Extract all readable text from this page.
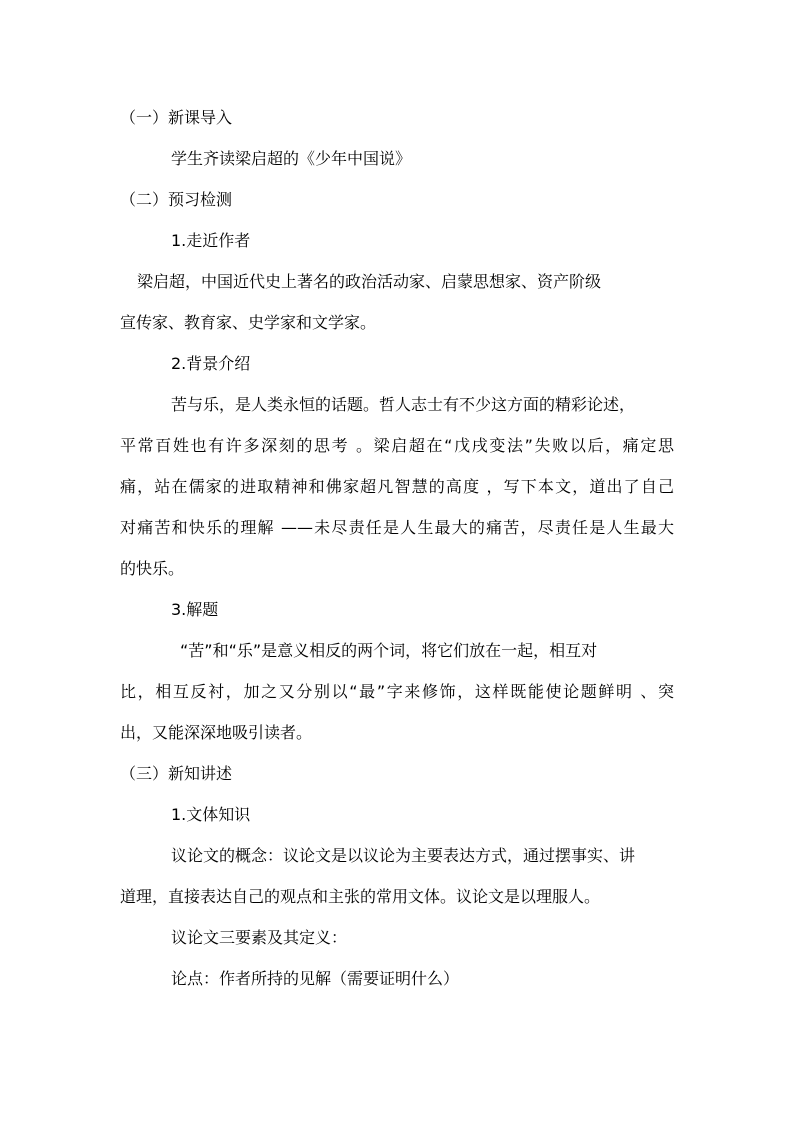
（一）新课导入
学生齐读梁启超的《少年中国说》
（二）预习检测
1.走近作者
梁启超，中国近代史上著名的政治活动家、启蒙思想家、资产阶级
宣传家、教育家、史学家和文学家。
2.背景介绍
苦与乐，是人类永恒的话题。哲人志士有不少这方面的精彩论述，
平常百姓也有许多深刻的思考 。梁启超在“戊戌变法”失败以后，痛定思
痛，站在儒家的进取精神和佛家超凡智慧的高度 ，写下本文，道出了自己
对痛苦和快乐的理解 ——未尽责任是人生最大的痛苦，尽责任是人生最大
的快乐。
3.解题
“苦”和“乐”是意义相反的两个词，将它们放在一起，相互对
比，相互反衬，加之又分别以“最”字来修饰，这样既能使论题鲜明 、突
出，又能深深地吸引读者。
（三）新知讲述
1.文体知识
议论文的概念：议论文是以议论为主要表达方式，通过摆事实、讲
道理，直接表达自己的观点和主张的常用文体。议论文是以理服人。
议论文三要素及其定义：
论点：作者所持的见解（需要证明什么）
